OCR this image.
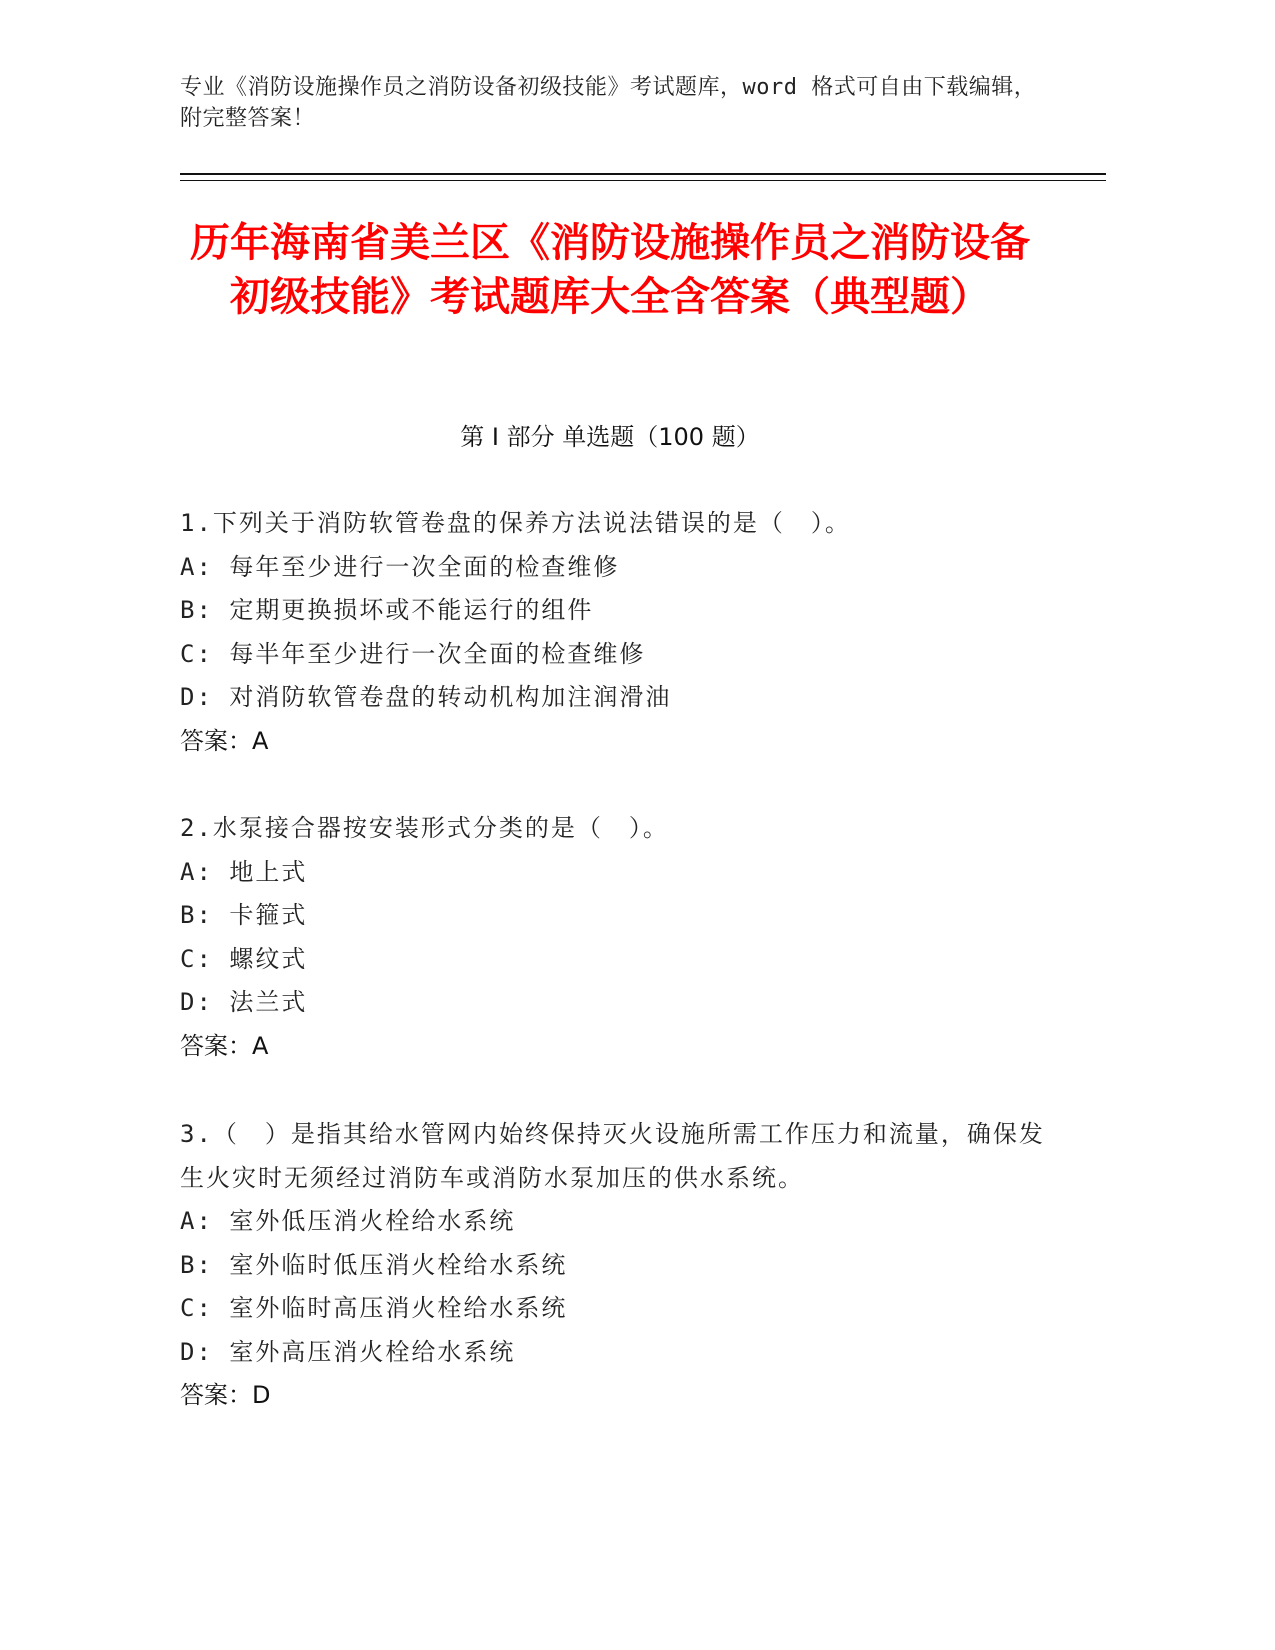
专业《消防设施操作员之消防设备初级技能》考试题库，word 格式可自由下载编辑，附完整答案！
历年海南省美兰区《消防设施操作员之消防设备初级技能》考试题库大全含答案（典型题）
第 I 部分 单选题（100 题）
1.下列关于消防软管卷盘的保养方法说法错误的是（　）。
A: 每年至少进行一次全面的检查维修
B: 定期更换损坏或不能运行的组件
C: 每半年至少进行一次全面的检查维修
D: 对消防软管卷盘的转动机构加注润滑油
答案：A
2.水泵接合器按安装形式分类的是（　）。
A: 地上式
B: 卡箍式
C: 螺纹式
D: 法兰式
答案：A
3.（　）是指其给水管网内始终保持灭火设施所需工作压力和流量，确保发生火灾时无须经过消防车或消防水泵加压的供水系统。
A: 室外低压消火栓给水系统
B: 室外临时低压消火栓给水系统
C: 室外临时高压消火栓给水系统
D: 室外高压消火栓给水系统
答案：D
